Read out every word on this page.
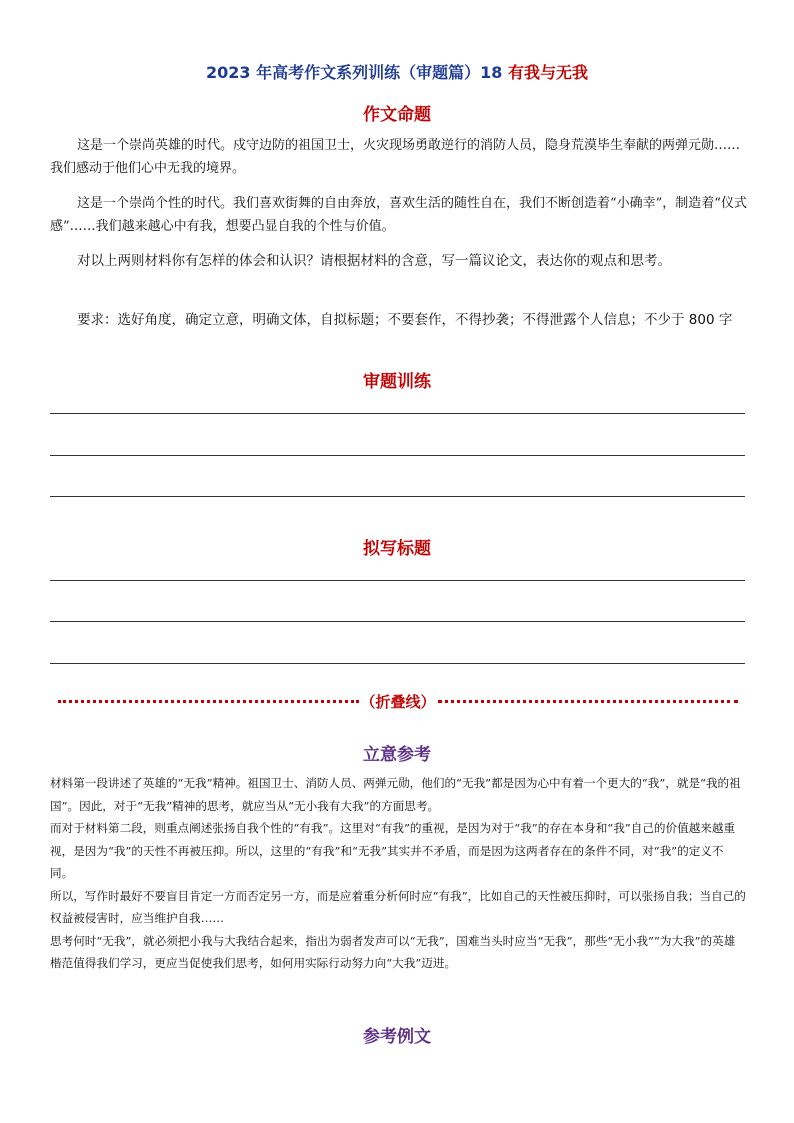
2023 年高考作文系列训练（审题篇）18 有我与无我
作文命题

这是一个崇尚英雄的时代。戍守边防的祖国卫士，火灾现场勇敢逆行的消防人员，隐身荒漠毕生奉献的两弹元勋……我们感动于他们心中无我的境界。

这是一个崇尚个性的时代。我们喜欢街舞的自由奔放，喜欢生活的随性自在，我们不断创造着“小确幸”，制造着“仪式感”……我们越来越心中有我，想要凸显自我的个性与价值。

对以上两则材料你有怎样的体会和认识？请根据材料的含意，写一篇议论文，表达你的观点和思考。

要求：选好角度，确定立意，明确文体，自拟标题；不要套作，不得抄袭；不得泄露个人信息；不少于 800 字

审题训练
拟写标题
（折叠线）
立意参考

材料第一段讲述了英雄的“无我”精神。祖国卫士、消防人员、两弹元勋，他们的“无我”都是因为心中有着一个更大的“我”，就是“我的祖国”。因此，对于“无我”精神的思考，就应当从“无小我有大我”的方面思考。

而对于材料第二段，则重点阐述张扬自我个性的“有我”。这里对“有我”的重视，是因为对于“我”的存在本身和“我”自己的价值越来越重视，是因为“我”的天性不再被压抑。所以，这里的“有我”和“无我”其实并不矛盾，而是因为这两者存在的条件不同，对“我”的定义不同。

所以，写作时最好不要盲目肯定一方而否定另一方，而是应着重分析何时应“有我”，比如自己的天性被压抑时，可以张扬自我；当自己的权益被侵害时，应当维护自我……

思考何时“无我”，就必须把小我与大我结合起来，指出为弱者发声可以“无我”，国难当头时应当“无我”，那些“无小我”“为大我”的英雄楷范值得我们学习，更应当促使我们思考，如何用实际行动努力向“大我”迈进。

参考例文
